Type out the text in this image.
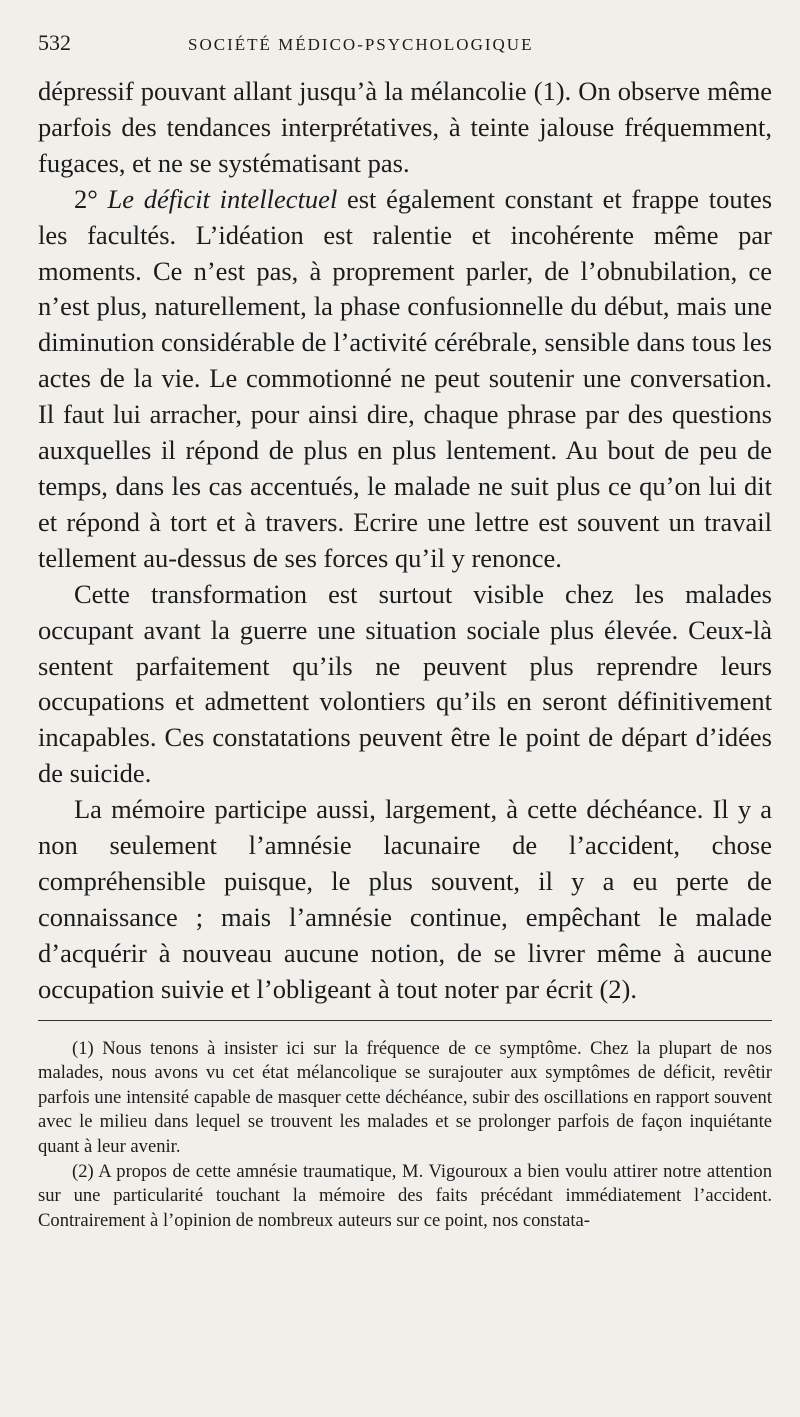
532	SOCIÉTÉ MÉDICO-PSYCHOLOGIQUE

dépressif pouvant allant jusqu’à la mélancolie (1). On observe même parfois des tendances interprétatives, à teinte jalouse fréquemment, fugaces, et ne se systématisant pas.

2° Le déficit intellectuel est également constant et frappe toutes les facultés. L’idéation est ralentie et incohérente même par moments. Ce n’est pas, à proprement parler, de l’obnubilation, ce n’est plus, naturellement, la phase confusionnelle du début, mais une diminution considérable de l’activité cérébrale, sensible dans tous les actes de la vie. Le commotionné ne peut soutenir une conversation. Il faut lui arracher, pour ainsi dire, chaque phrase par des questions auxquelles il répond de plus en plus lentement. Au bout de peu de temps, dans les cas accentués, le malade ne suit plus ce qu’on lui dit et répond à tort et à travers. Ecrire une lettre est souvent un travail tellement au-dessus de ses forces qu’il y renonce.

Cette transformation est surtout visible chez les malades occupant avant la guerre une situation sociale plus élevée. Ceux-là sentent parfaitement qu’ils ne peuvent plus reprendre leurs occupations et admettent volontiers qu’ils en seront définitivement incapables. Ces constatations peuvent être le point de départ d’idées de suicide.

La mémoire participe aussi, largement, à cette déchéance. Il y a non seulement l’amnésie lacunaire de l’accident, chose compréhensible puisque, le plus souvent, il y a eu perte de connaissance ; mais l’amnésie continue, empêchant le malade d’acquérir à nouveau aucune notion, de se livrer même à aucune occupation suivie et l’obligeant à tout noter par écrit (2).

(1) Nous tenons à insister ici sur la fréquence de ce symptôme. Chez la plupart de nos malades, nous avons vu cet état mélancolique se surajouter aux symptômes de déficit, revêtir parfois une intensité capable de masquer cette déchéance, subir des oscillations en rapport souvent avec le milieu dans lequel se trouvent les malades et se prolonger parfois de façon inquiétante quant à leur avenir.

(2) A propos de cette amnésie traumatique, M. Vigouroux a bien voulu attirer notre attention sur une particularité touchant la mémoire des faits précédant immédiatement l’accident. Contrairement à l’opinion de nombreux auteurs sur ce point, nos constata-
